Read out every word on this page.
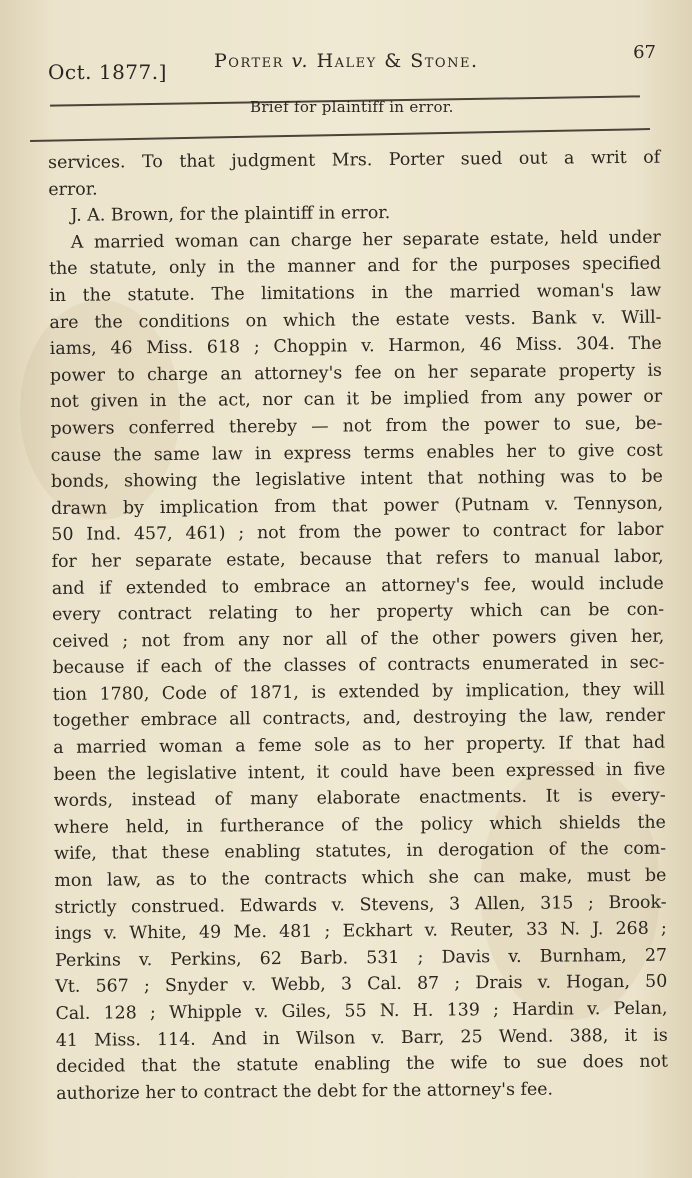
Oct. 1877.] Porter v. Haley & Stone.	67
Brief for plaintiff in error.
services. To that judgment Mrs. Porter sued out a writ of
error.
J. A. Brown, for the plaintiff in error.
A married woman can charge her separate estate, held under
the statute, only in the manner and for the purposes specified
in the statute. The limitations in the married woman's law
are the conditions on which the estate vests. Bank v. Will-
iams, 46 Miss. 618 ; Choppin v. Harmon, 46 Miss. 304. The
power to charge an attorney's fee on her separate property is
not given in the act, nor can it be implied from any power or
powers conferred thereby — not from the power to sue, be-
cause the same law in express terms enables her to give cost
bonds, showing the legislative intent that nothing was to be
drawn by implication from that power (Putnam v. Tennyson,
50 Ind. 457, 461) ; not from the power to contract for labor
for her separate estate, because that refers to manual labor,
and if extended to embrace an attorney's fee, would include
every contract relating to her property which can be con-
ceived ; not from any nor all of the other powers given her,
because if each of the classes of contracts enumerated in sec-
tion 1780, Code of 1871, is extended by implication, they will
together embrace all contracts, and, destroying the law, render
a married woman a feme sole as to her property. If that had
been the legislative intent, it could have been expressed in five
words, instead of many elaborate enactments. It is every-
where held, in furtherance of the policy which shields the
wife, that these enabling statutes, in derogation of the com-
mon law, as to the contracts which she can make, must be
strictly construed. Edwards v. Stevens, 3 Allen, 315 ; Brook-
ings v. White, 49 Me. 481 ; Eckhart v. Reuter, 33 N. J. 268 ;
Perkins v. Perkins, 62 Barb. 531 ; Davis v. Burnham, 27
Vt. 567 ; Snyder v. Webb, 3 Cal. 87 ; Drais v. Hogan, 50
Cal. 128 ; Whipple v. Giles, 55 N. H. 139 ; Hardin v. Pelan,
41 Miss. 114. And in Wilson v. Barr, 25 Wend. 388, it is
decided that the statute enabling the wife to sue does not
authorize her to contract the debt for the attorney's fee.
